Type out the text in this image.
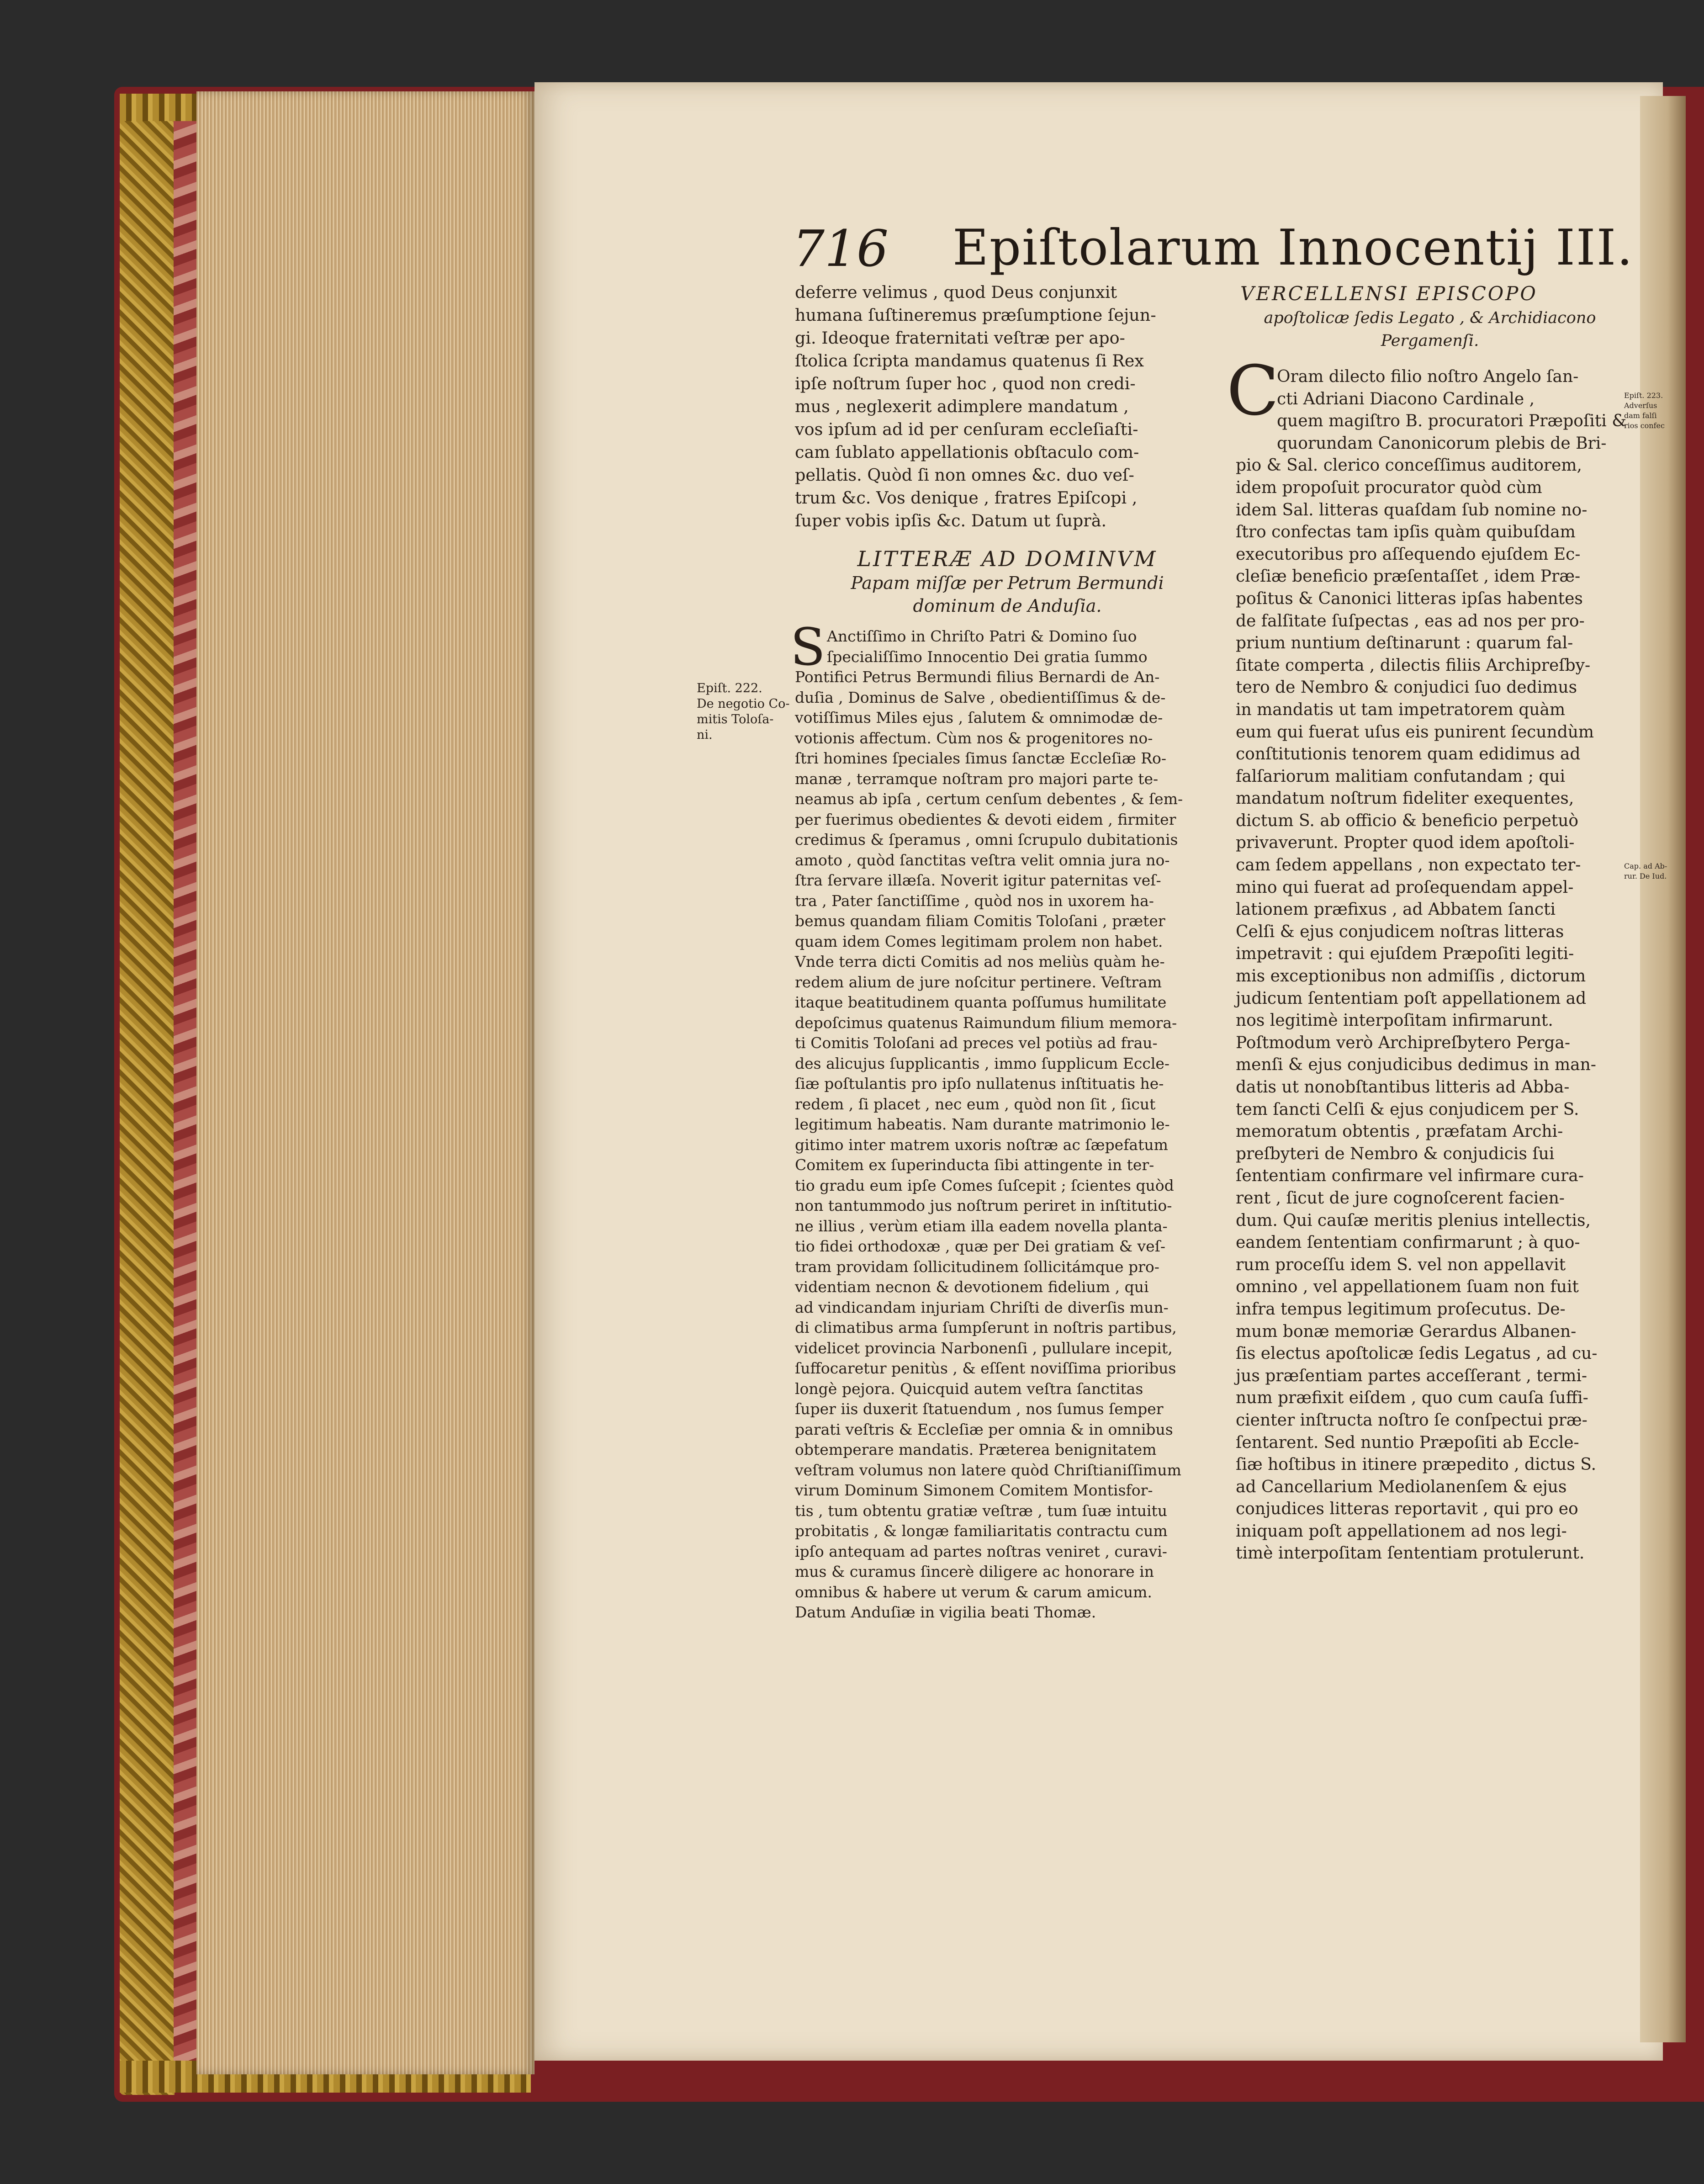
716 Epiſtolarum Innocentij III.
deferre velimus , quod Deus conjunxit
humana ſuſtineremus præſumptione ſejun-
gi. Ideoque fraternitati veſtræ per apo-
ſtolica ſcripta mandamus quatenus ſi Rex
ipſe noſtrum ſuper hoc , quod non credi-
mus , neglexerit adimplere mandatum ,
vos ipſum ad id per cenſuram eccleſiaſti-
cam ſublato appellationis obſtaculo com-
pellatis. Quòd ſi non omnes &c. duo veſ-
trum &c. Vos denique , fratres Epiſcopi ,
ſuper vobis ipſis &c. Datum ut ſuprà.
LITTERÆ AD DOMINVM
Papam miſſæ per Petrum Bermundi
dominum de Anduſia.
S Anctiſſimo in Chriſto Patri & Domino ſuo
ſpecialiſſimo Innocentio Dei gratia ſummo
Pontifici Petrus Bermundi filius Bernardi de An-
duſia , Dominus de Salve , obedientiſſimus & de-
votiſſimus Miles ejus , ſalutem & omnimodæ de-
votionis affectum. Cùm nos & progenitores no-
ſtri homines ſpeciales ſimus ſanctæ Eccleſiæ Ro-
manæ , terramque noſtram pro majori parte te-
neamus ab ipſa , certum cenſum debentes , & ſem-
per fuerimus obedientes & devoti eidem , firmiter
credimus & ſperamus , omni ſcrupulo dubitationis
amoto , quòd ſanctitas veſtra velit omnia jura no-
ſtra ſervare illæſa. Noverit igitur paternitas veſ-
tra , Pater ſanctiſſime , quòd nos in uxorem ha-
bemus quandam filiam Comitis Toloſani , præter
quam idem Comes legitimam prolem non habet.
Vnde terra dicti Comitis ad nos meliùs quàm he-
redem alium de jure noſcitur pertinere. Veſtram
itaque beatitudinem quanta poſſumus humilitate
depoſcimus quatenus Raimundum filium memora-
ti Comitis Toloſani ad preces vel potiùs ad frau-
des alicujus ſupplicantis , immo ſupplicum Eccle-
ſiæ poſtulantis pro ipſo nullatenus inſtituatis he-
redem , ſi placet , nec eum , quòd non ſit , ſicut
legitimum habeatis. Nam durante matrimonio le-
gitimo inter matrem uxoris noſtræ ac ſæpefatum
Comitem ex ſuperinducta ſibi attingente in ter-
tio gradu eum ipſe Comes ſuſcepit ; ſcientes quòd
non tantummodo jus noſtrum periret in inſtitutio-
ne illius , verùm etiam illa eadem novella planta-
tio fidei orthodoxæ , quæ per Dei gratiam & veſ-
tram providam ſollicitudinem ſollicitámque pro-
videntiam necnon & devotionem fidelium , qui
ad vindicandam injuriam Chriſti de diverſis mun-
di climatibus arma ſumpſerunt in noſtris partibus,
videlicet provincia Narbonenſi , pullulare incepit,
ſuffocaretur penitùs , & eſſent noviſſima prioribus
longè pejora. Quicquid autem veſtra ſanctitas
ſuper iis duxerit ſtatuendum , nos ſumus ſemper
parati veſtris & Eccleſiæ per omnia & in omnibus
obtemperare mandatis. Præterea benignitatem
veſtram volumus non latere quòd Chriſtianiſſimum
virum Dominum Simonem Comitem Montisfor-
tis , tum obtentu gratiæ veſtræ , tum ſuæ intuitu
probitatis , & longæ familiaritatis contractu cum
ipſo antequam ad partes noſtras veniret , curavi-
mus & curamus ſincerè diligere ac honorare in
omnibus & habere ut verum & carum amicum.
Datum Anduſiæ in vigilia beati Thomæ.
Epiſt. 222.
De negotio Co-
mitis Toloſa-
ni.
VERCELLENSI EPISCOPO
apoſtolicæ ſedis Legato , & Archidiacono
Pergamenſi.
C
Oram dilecto filio noſtro Angelo ſan-
cti Adriani Diacono Cardinale ,
quem magiſtro B. procuratori Præpoſiti &
quorundam Canonicorum plebis de Bri-
pio & Sal. clerico conceſſimus auditorem,
idem propoſuit procurator quòd cùm
idem Sal. litteras quaſdam ſub nomine no-
ſtro confectas tam ipſis quàm quibuſdam
executoribus pro aſſequendo ejuſdem Ec-
cleſiæ beneficio præſentaſſet , idem Præ-
poſitus & Canonici litteras ipſas habentes
de falſitate ſuſpectas , eas ad nos per pro-
prium nuntium deſtinarunt : quarum fal-
ſitate comperta , dilectis filiis Archipreſby-
tero de Nembro & conjudici ſuo dedimus
in mandatis ut tam impetratorem quàm
eum qui fuerat uſus eis punirent ſecundùm
conſtitutionis tenorem quam edidimus ad
falſariorum malitiam confutandam ; qui
mandatum noſtrum fideliter exequentes,
dictum S. ab officio & beneficio perpetuò
privaverunt. Propter quod idem apoſtoli-
cam ſedem appellans , non expectato ter-
mino qui fuerat ad proſequendam appel-
lationem præfixus , ad Abbatem ſancti
Celſi & ejus conjudicem noſtras litteras
impetravit : qui ejuſdem Præpoſiti legiti-
mis exceptionibus non admiſſis , dictorum
judicum ſententiam poſt appellationem ad
nos legitimè interpoſitam infirmarunt.
Poſtmodum verò Archipreſbytero Perga-
menſi & ejus conjudicibus dedimus in man-
datis ut nonobſtantibus litteris ad Abba-
tem ſancti Celſi & ejus conjudicem per S.
memoratum obtentis , præfatam Archi-
preſbyteri de Nembro & conjudicis ſui
ſententiam confirmare vel infirmare cura-
rent , ſicut de jure cognoſcerent facien-
dum. Qui cauſæ meritis plenius intellectis,
eandem ſententiam confirmarunt ; à quo-
rum proceſſu idem S. vel non appellavit
omnino , vel appellationem ſuam non fuit
infra tempus legitimum proſecutus. De-
mum bonæ memoriæ Gerardus Albanen-
ſis electus apoſtolicæ ſedis Legatus , ad cu-
jus præſentiam partes acceſſerant , termi-
num præfixit eiſdem , quo cum cauſa ſuffi-
cienter inſtructa noſtro ſe conſpectui præ-
ſentarent. Sed nuntio Præpoſiti ab Eccle-
ſiæ hoſtibus in itinere præpedito , dictus S.
ad Cancellarium Mediolanenſem & ejus
conjudices litteras reportavit , qui pro eo
iniquam poſt appellationem ad nos legi-
timè interpoſitam ſententiam protulerunt.
Epiſt. 223.
Adverſus
dam falſi
rios confec
Cap. ad Ab-
rur. De Iud.
